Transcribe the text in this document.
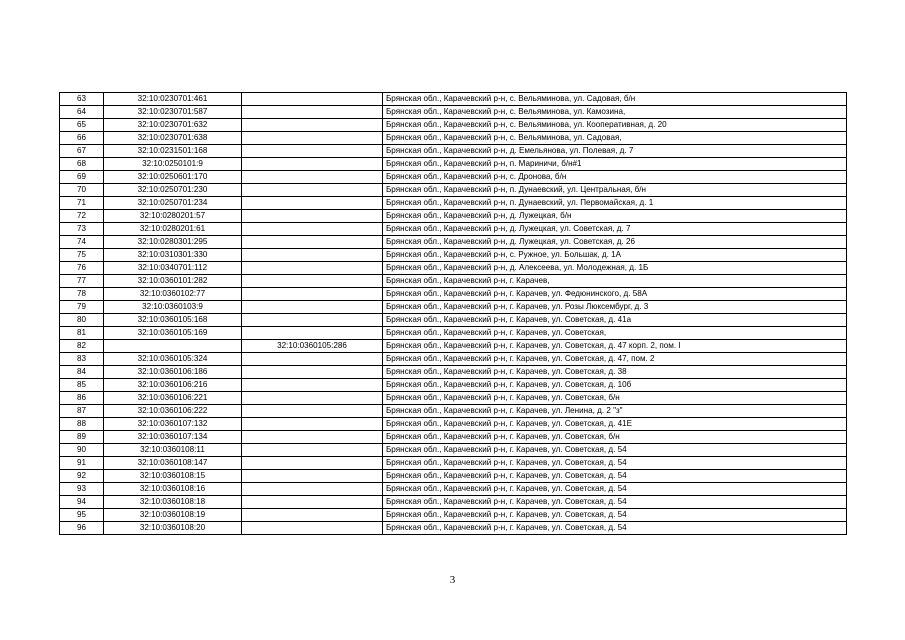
63	32:10:0230701:461		Брянская обл., Карачевский р-н, с. Вельяминова, ул. Садовая, б/н
64	32:10:0230701:587		Брянская обл., Карачевский р-н, с. Вельяминова, ул. Камозина,
65	32:10:0230701:632		Брянская обл., Карачевский р-н, с. Вельяминова, ул. Кооперативная, д. 20
66	32:10:0230701:638		Брянская обл., Карачевский р-н, с. Вельяминова, ул. Садовая,
67	32:10:0231501:168		Брянская обл., Карачевский р-н, д. Емельянова, ул. Полевая, д. 7
68	32:10:0250101:9		Брянская обл., Карачевский р-н, п. Мариничи, б/н#1
69	32:10:0250601:170		Брянская обл., Карачевский р-н, с. Дронова, б/н
70	32:10:0250701:230		Брянская обл., Карачевский р-н, п. Дунаевский, ул. Центральная, б/н
71	32:10:0250701:234		Брянская обл., Карачевский р-н, п. Дунаевский, ул. Первомайская, д. 1
72	32:10:0280201:57		Брянская обл., Карачевский р-н, д. Лужецкая, б/н
73	32:10:0280201:61		Брянская обл., Карачевский р-н, д. Лужецкая, ул. Советская, д. 7
74	32:10:0280301:295		Брянская обл., Карачевский р-н, д. Лужецкая, ул. Советская, д. 26
75	32:10:0310301:330		Брянская обл., Карачевский р-н, с. Ружное, ул. Большак, д. 1А
76	32:10:0340701:112		Брянская обл., Карачевский р-н, д. Алексеева, ул. Молодежная, д. 1Б
77	32:10:0360101:282		Брянская обл., Карачевский р-н, г. Карачев,
78	32:10:0360102:77		Брянская обл., Карачевский р-н, г. Карачев, ул. Федюнинского, д. 58А
79	32:10:0360103:9		Брянская обл., Карачевский р-н, г. Карачев, ул. Розы Люксембург, д. 3
80	32:10:0360105:168		Брянская обл., Карачевский р-н, г. Карачев, ул. Советская, д. 41а
81	32:10:0360105:169		Брянская обл., Карачевский р-н, г. Карачев, ул. Советская,
82		32:10:0360105:286	Брянская обл., Карачевский р-н, г. Карачев, ул. Советская, д. 47 корп. 2, пом. I
83	32:10:0360105:324		Брянская обл., Карачевский р-н, г. Карачев, ул. Советская, д. 47, пом. 2
84	32:10:0360106:186		Брянская обл., Карачевский р-н, г. Карачев, ул. Советская, д. 38
85	32:10:0360106:216		Брянская обл., Карачевский р-н, г. Карачев, ул. Советская, д. 10б
86	32:10:0360106:221		Брянская обл., Карачевский р-н, г. Карачев, ул. Советская, б/н
87	32:10:0360106:222		Брянская обл., Карачевский р-н, г. Карачев, ул. Ленина, д. 2 "з"
88	32:10:0360107:132		Брянская обл., Карачевский р-н, г. Карачев, ул. Советская, д. 41Е
89	32:10:0360107:134		Брянская обл., Карачевский р-н, г. Карачев, ул. Советская, б/н
90	32:10:0360108:11		Брянская обл., Карачевский р-н, г. Карачев, ул. Советская, д. 54
91	32:10:0360108:147		Брянская обл., Карачевский р-н, г. Карачев, ул. Советская, д. 54
92	32:10:0360108:15		Брянская обл., Карачевский р-н, г. Карачев, ул. Советская, д. 54
93	32:10:0360108:16		Брянская обл., Карачевский р-н, г. Карачев, ул. Советская, д. 54
94	32:10:0360108:18		Брянская обл., Карачевский р-н, г. Карачев, ул. Советская, д. 54
95	32:10:0360108:19		Брянская обл., Карачевский р-н, г. Карачев, ул. Советская, д. 54
96	32:10:0360108:20		Брянская обл., Карачевский р-н, г. Карачев, ул. Советская, д. 54
3
